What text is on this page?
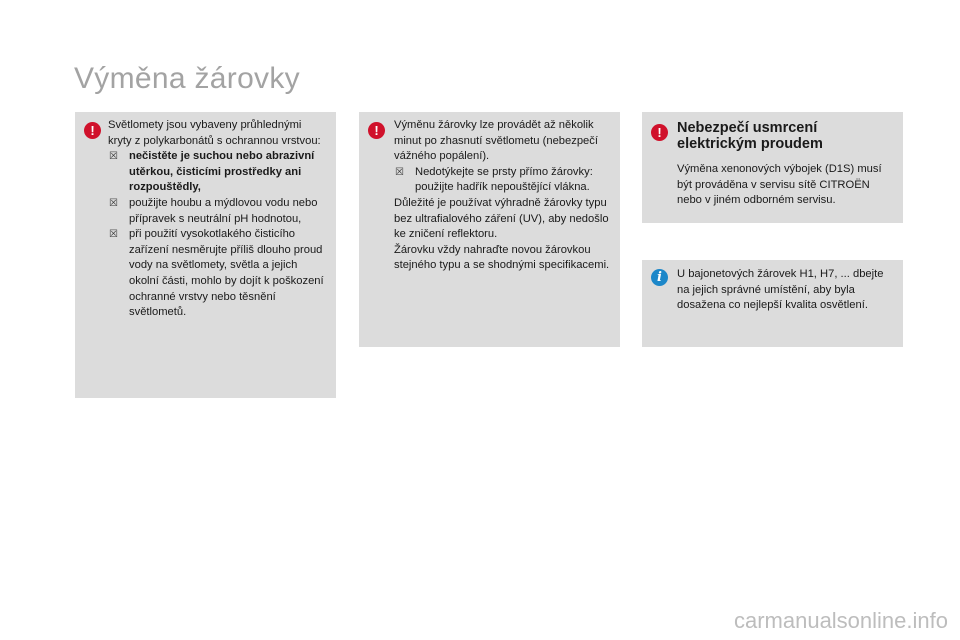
Výměna žárovky
!	Světlomety jsou vybaveny průhlednými kryty z polykarbonátů s ochrannou vrstvou:

☒ nečistěte je suchou nebo abrazivní utěrkou, čisticími prostředky ani rozpouštědly,
☒ použijte houbu a mýdlovou vodu nebo přípravek s neutrální pH hodnotou,
☒ při použití vysokotlakého čisticího zařízení nesměrujte příliš dlouho proud vody na světlomety, světla a jejich okolní části, mohlo by dojít k poškození ochranné vrstvy nebo těsnění světlometů.
!	Výměnu žárovky lze provádět až několik minut po zhasnutí světlometu (nebezpečí vážného popálení).

☒ Nedotýkejte se prsty přímo žárovky: použijte hadřík nepouštějící vlákna.

Důležité je používat výhradně žárovky typu bez ultrafialového záření (UV), aby nedošlo ke zničení reflektoru.

Žárovku vždy nahraďte novou žárovkou stejného typu a se shodnými specifikacemi.

!	Nebezpečí usmrcení elektrickým proudem

Výměna xenonových výbojek (D1S) musí být prováděna v servisu sítě CITROËN nebo v jiném odborném servisu.

i	U bajonetových žárovek H1, H7, ... dbejte na jejich správné umístění, aby byla dosažena co nejlepší kvalita osvětlení.

carmanualsonline.info
